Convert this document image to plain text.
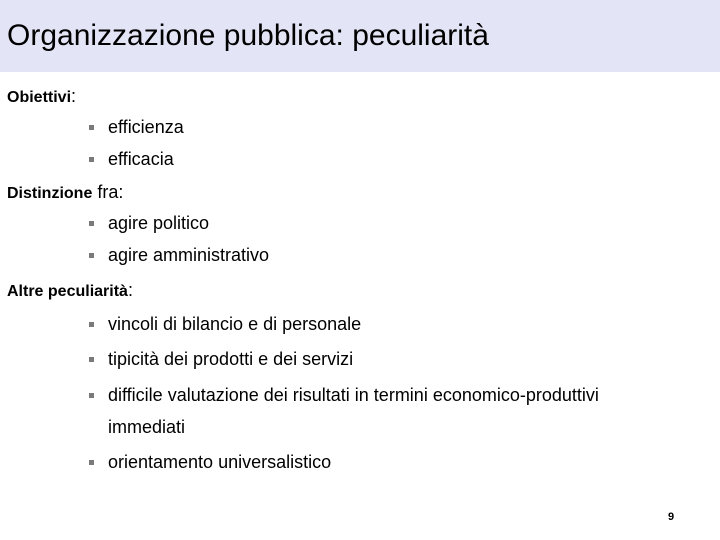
Organizzazione pubblica: peculiarità
Obiettivi:
efficienza
efficacia
Distinzione fra:
agire politico
agire amministrativo
Altre peculiarità:
vincoli di bilancio e di personale
tipicità dei prodotti e dei servizi
difficile valutazione dei risultati in termini economico-produttivi
immediati
orientamento universalistico
9
